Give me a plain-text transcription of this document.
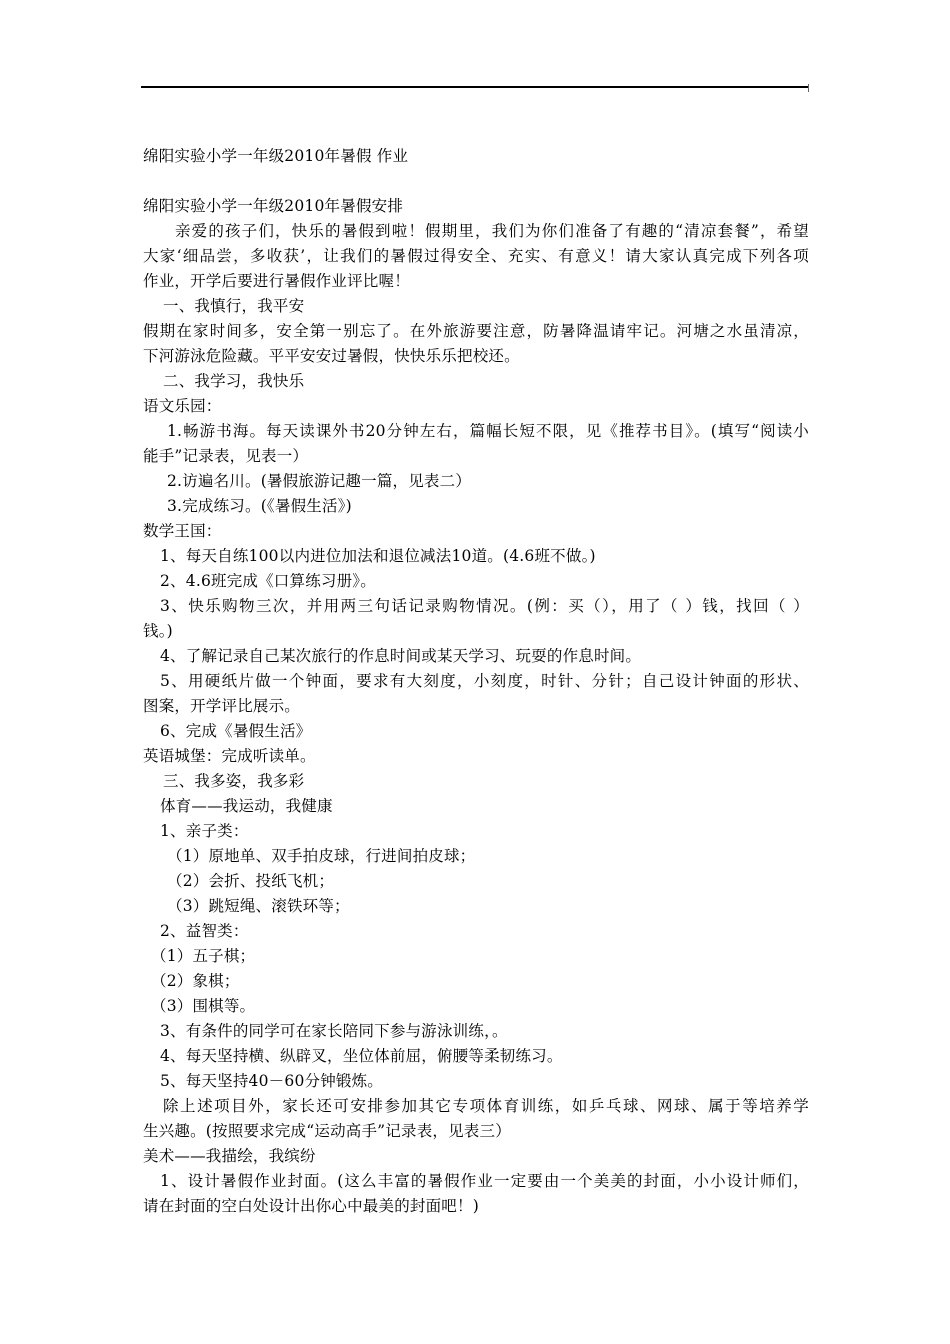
绵阳实验小学一年级2010年暑假 作业
绵阳实验小学一年级2010年暑假安排
亲爱的孩子们，快乐的暑假到啦！假期里，我们为你们准备了有趣的“清凉套餐”，希望
大家‘细品尝，多收获’，让我们的暑假过得安全、充实、有意义！请大家认真完成下列各项
作业，开学后要进行暑假作业评比喔！
一、我慎行，我平安
假期在家时间多，安全第一别忘了。在外旅游要注意，防暑降温请牢记。河塘之水虽清凉，
下河游泳危险藏。平平安安过暑假，快快乐乐把校还。
二、我学习，我快乐
语文乐园：
1.畅游书海。每天读课外书20分钟左右，篇幅长短不限，见《推荐书目》。(填写“阅读小
能手”记录表，见表一）
2.访遍名川。(暑假旅游记趣一篇，见表二）
3.完成练习。(《暑假生活》)
数学王国：
1、每天自练100以内进位加法和退位减法10道。(4.6班不做。)
2、4.6班完成《口算练习册》。
3、快乐购物三次，并用两三句话记录购物情况。(例：买（），用了（ ）钱，找回（ ）
钱。)
4、了解记录自己某次旅行的作息时间或某天学习、玩耍的作息时间。
5、用硬纸片做一个钟面，要求有大刻度，小刻度，时针、分针；自己设计钟面的形状、
图案，开学评比展示。
6、完成《暑假生活》
英语城堡：完成听读单。
三、我多姿，我多彩
体育——我运动，我健康
1、亲子类：
（1）原地单、双手拍皮球，行进间拍皮球；
（2）会折、投纸飞机；
（3）跳短绳、滚铁环等；
2、益智类：
（1）五子棋；
（2）象棋；
（3）围棋等。
3、有条件的同学可在家长陪同下参与游泳训练，。
4、每天坚持横、纵辟叉，坐位体前屈，俯腰等柔韧练习。
5、每天坚持40－60分钟锻炼。
除上述项目外，家长还可安排参加其它专项体育训练，如乒乓球、网球、属于等培养学
生兴趣。(按照要求完成“运动高手”记录表，见表三）
美术——我描绘，我缤纷
1、设计暑假作业封面。(这么丰富的暑假作业一定要由一个美美的封面，小小设计师们，
请在封面的空白处设计出你心中最美的封面吧！)
